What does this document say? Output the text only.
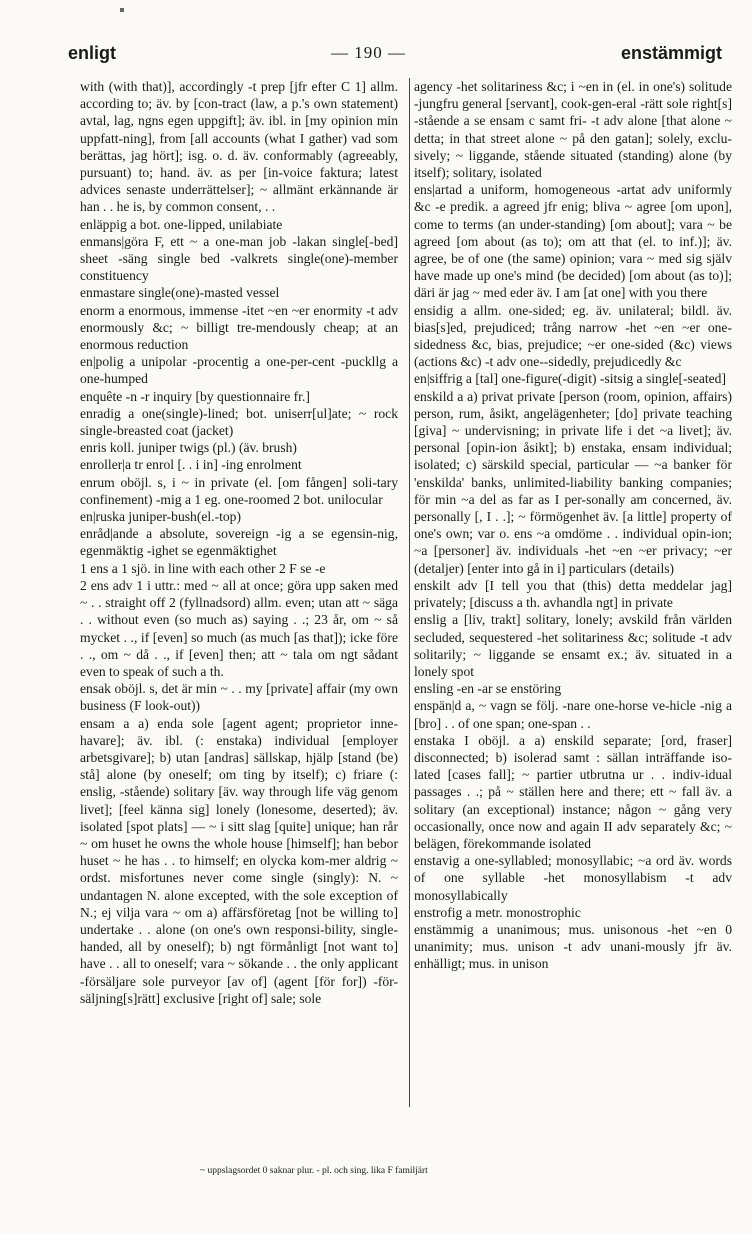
enligt	— 190 —	enstämmigt

with (with that)], accordingly -t prep [jfr efter C 1] allm. according to; äv. by [con-tract (law, a p.'s own statement) avtal, lag, ngns egen uppgift]; äv. ibl. in [my opinion min uppfatt-ning], from [all accounts (what I gather) vad som berättas, jag hört]; isg. o. d. äv. conformably (agreeably, pursuant) to; hand. äv. as per [in-voice faktura; latest advices senaste underrättelser]; ~ allmänt erkännande är han . . he is, by common consent, . .

enläppig a bot. one-lipped, unilabiate

enmans|göra F, ett ~ a one-man job -lakan single[-bed] sheet -säng single bed -valkrets single(one)-member constituency

enmastare single(one)-masted vessel

enorm a enormous, immense -itet ~en ~er enormity -t adv enormously &c; ~ billigt tre-mendously cheap; at an enormous reduction

en|polig a unipolar -procentig a one-per-cent -puckllg a one-humped

enquête -n -r inquiry [by questionnaire fr.]

enradig a one(single)-lined; bot. uniserr[ul]ate; ~ rock single-breasted coat (jacket)

enris koll. juniper twigs (pl.) (äv. brush)

enroller|a tr enrol [. . i in] -ing enrolment

enrum oböjl. s, i ~ in private (el. [om fången] soli-tary confinement) -mig a 1 eg. one-roomed 2 bot. unilocular

en|ruska juniper-bush(el.-top)

enråd|ande a absolute, sovereign -ig a se egensin-nig, egenmäktig -ighet se egenmäktighet

1 ens a 1 sjö. in line with each other 2 F se -e

2 ens adv 1 i uttr.: med ~ all at once; göra upp saken med ~ . . straight off 2 (fyllnadsord) allm. even; utan att ~ säga . . without even (so much as) saying . .; 23 år, om ~ så mycket . ., if [even] so much (as much [as that]); icke före . ., om ~ då . ., if [even] then; att ~ tala om ngt sådant even to speak of such a th.

ensak oböjl. s, det är min ~ . . my [private] affair (my own business (F look-out))

ensam a a) enda sole [agent agent; proprietor inne-havare]; äv. ibl. (: enstaka) individual [employer arbetsgivare]; b) utan [andras] sällskap, hjälp [stand (be) stå] alone (by oneself; om ting by itself); c) friare (: enslig, -stående) solitary [äv. way through life väg genom livet]; [feel känna sig] lonely (lonesome, deserted); äv. isolated [spot plats] — ~ i sitt slag [quite] unique; han rår ~ om huset he owns the whole house [himself]; han bebor huset ~ he has . . to himself; en olycka kom-mer aldrig ~ ordst. misfortunes never come single (singly): N. ~ undantagen N. alone excepted, with the sole exception of N.; ej vilja vara ~ om a) affärsföretag [not be willing to] undertake . . alone (on one's own responsi-bility, single-handed, all by oneself); b) ngt förmånligt [not want to] have . . all to oneself; vara ~ sökande . . the only applicant -försäljare sole purveyor [av of] (agent [för for]) -för-säljning[s]rätt] exclusive [right of] sale; sole

agency -het solitariness &c; i ~en in (el. in one's) solitude -jungfru general [servant], cook-gen-eral -rätt sole right[s] -stående a se ensam c samt fri- -t adv alone [that alone ~ detta; in that street alone ~ på den gatan]; solely, exclu-sively; ~ liggande, stående situated (standing) alone (by itself); solitary, isolated

ens|artad a uniform, homogeneous -artat adv uniformly &c -e predik. a agreed jfr enig; bliva ~ agree [om upon], come to terms (an under-standing) [om about]; vara ~ be agreed [om about (as to); om att that (el. to inf.)]; äv. agree, be of one (the same) opinion; vara ~ med sig själv have made up one's mind (be decided) [om about (as to)]; däri är jag ~ med eder äv. I am [at one] with you there

ensidig a allm. one-sided; eg. äv. unilateral; bildl. äv. bias[s]ed, prejudiced; trång narrow -het ~en ~er one-sidedness &c, bias, prejudice; ~er one-sided (&c) views (actions &c) -t adv one--sidedly, prejudicedly &c

en|siffrig a [tal] one-figure(-digit) -sitsig a single[-seated]

enskild a a) privat private [person (room, opinion, affairs) person, rum, åsikt, angelägenheter; [do] private teaching [giva] ~ undervisning; in private life i det ~a livet]; äv. personal [opin-ion åsikt]; b) enstaka, ensam individual; isolated; c) särskild special, particular — ~a banker för 'enskilda' banks, unlimited-liability banking companies; för min ~a del as far as I per-sonally am concerned, äv. personally [, I . .]; ~ förmögenhet äv. [a little] property of one's own; var o. ens ~a omdöme . . individual opin-ion; ~a [personer] äv. individuals -het ~en ~er privacy; ~er (detaljer) [enter into gå in i] particulars (details)

enskilt adv [I tell you that (this) detta meddelar jag] privately; [discuss a th. avhandla ngt] in private

enslig a [liv, trakt] solitary, lonely; avskild från världen secluded, sequestered -het solitariness &c; solitude -t adv solitarily; ~ liggande se ensamt ex.; äv. situated in a lonely spot

ensling -en -ar se enstöring

enspän|d a, ~ vagn se följ. -nare one-horse ve-hicle -nig a [bro] . . of one span; one-span . .

enstaka I oböjl. a a) enskild separate; [ord, fraser] disconnected; b) isolerad samt : sällan inträffande iso-lated [cases fall]; ~ partier utbrutna ur . . indiv-idual passages . .; på ~ ställen here and there; ett ~ fall äv. a solitary (an exceptional) instance; någon ~ gång very occasionally, once now and again II adv separately &c; ~ belägen, förekommande isolated

enstavig a one-syllabled; monosyllabic; ~a ord äv. words of one syllable -het monosyllabism -t adv monosyllabically

enstrofig a metr. monostrophic

enstämmig a unanimous; mus. unisonous -het ~en 0 unanimity; mus. unison -t adv unani-mously jfr äv. enhälligt; mus. in unison

~ uppslagsordet 0 saknar plur. - pl. och sing. lika F familjärt
